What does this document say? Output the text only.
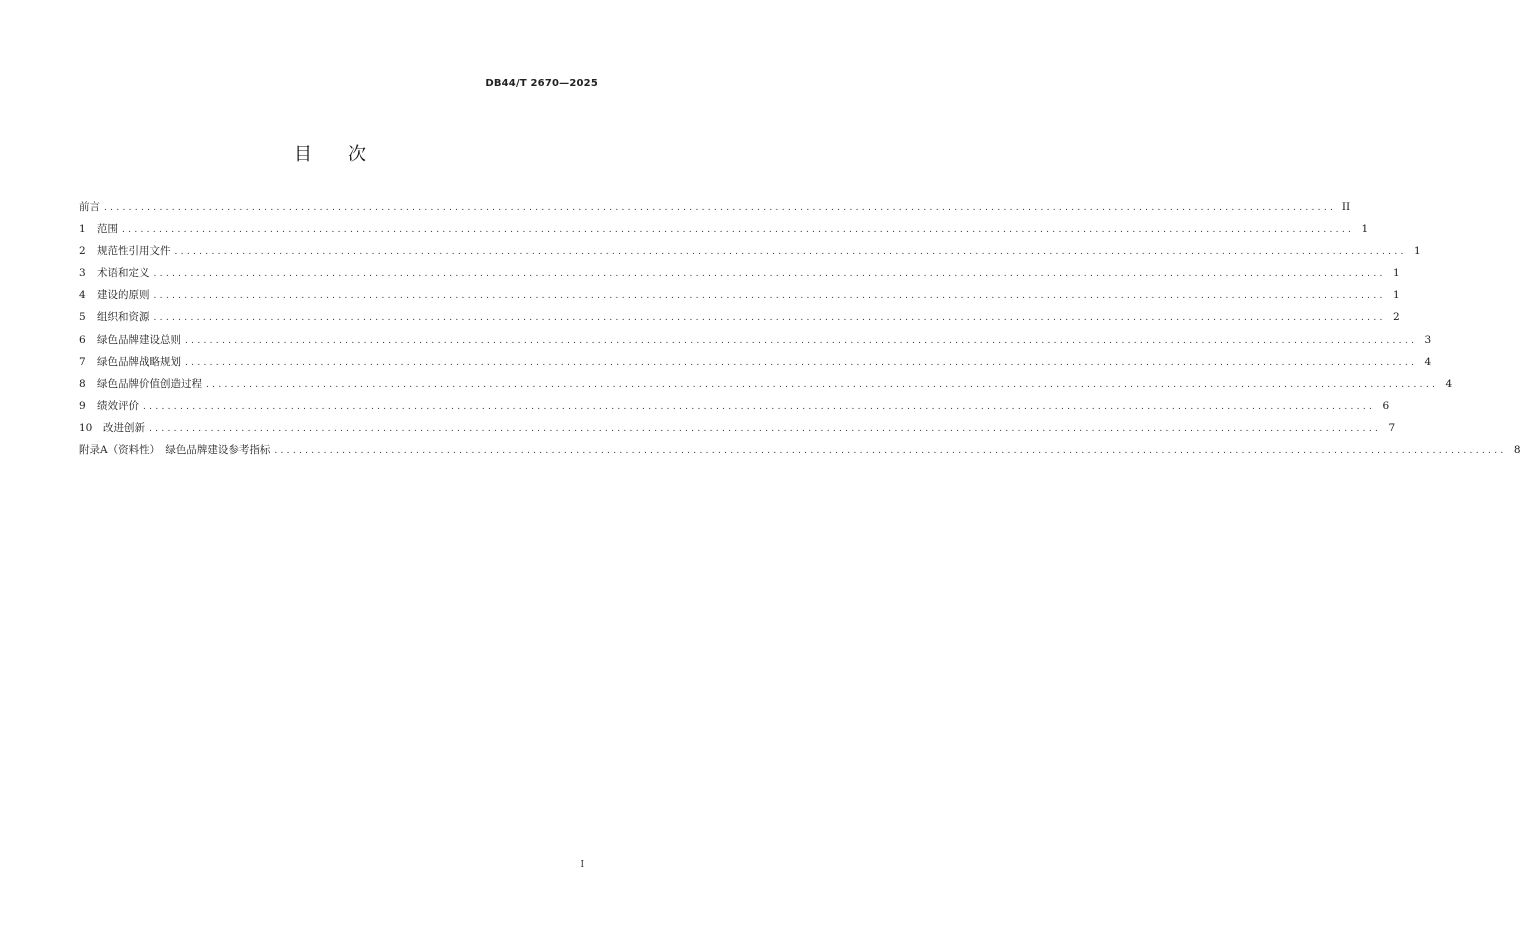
DB44/T 2670—2025
目 次
前言 ........................................................................................................................................................................................................ II
1	范围 ........................................................................................................................................................................................................ 1
2	规范性引用文件 ........................................................................................................................................................................................................ 1
3	术语和定义 ........................................................................................................................................................................................................ 1
4	建设的原则 ........................................................................................................................................................................................................ 1
5	组织和资源 ........................................................................................................................................................................................................ 2
6	绿色品牌建设总则 ........................................................................................................................................................................................................ 3
7	绿色品牌战略规划 ........................................................................................................................................................................................................ 4
8	绿色品牌价值创造过程 ........................................................................................................................................................................................................ 4
9	绩效评价 ........................................................................................................................................................................................................ 6
10	改进创新 ........................................................................................................................................................................................................ 7
附录A（资料性）　绿色品牌建设参考指标 ........................................................................................................................................................................................................ 8
I
